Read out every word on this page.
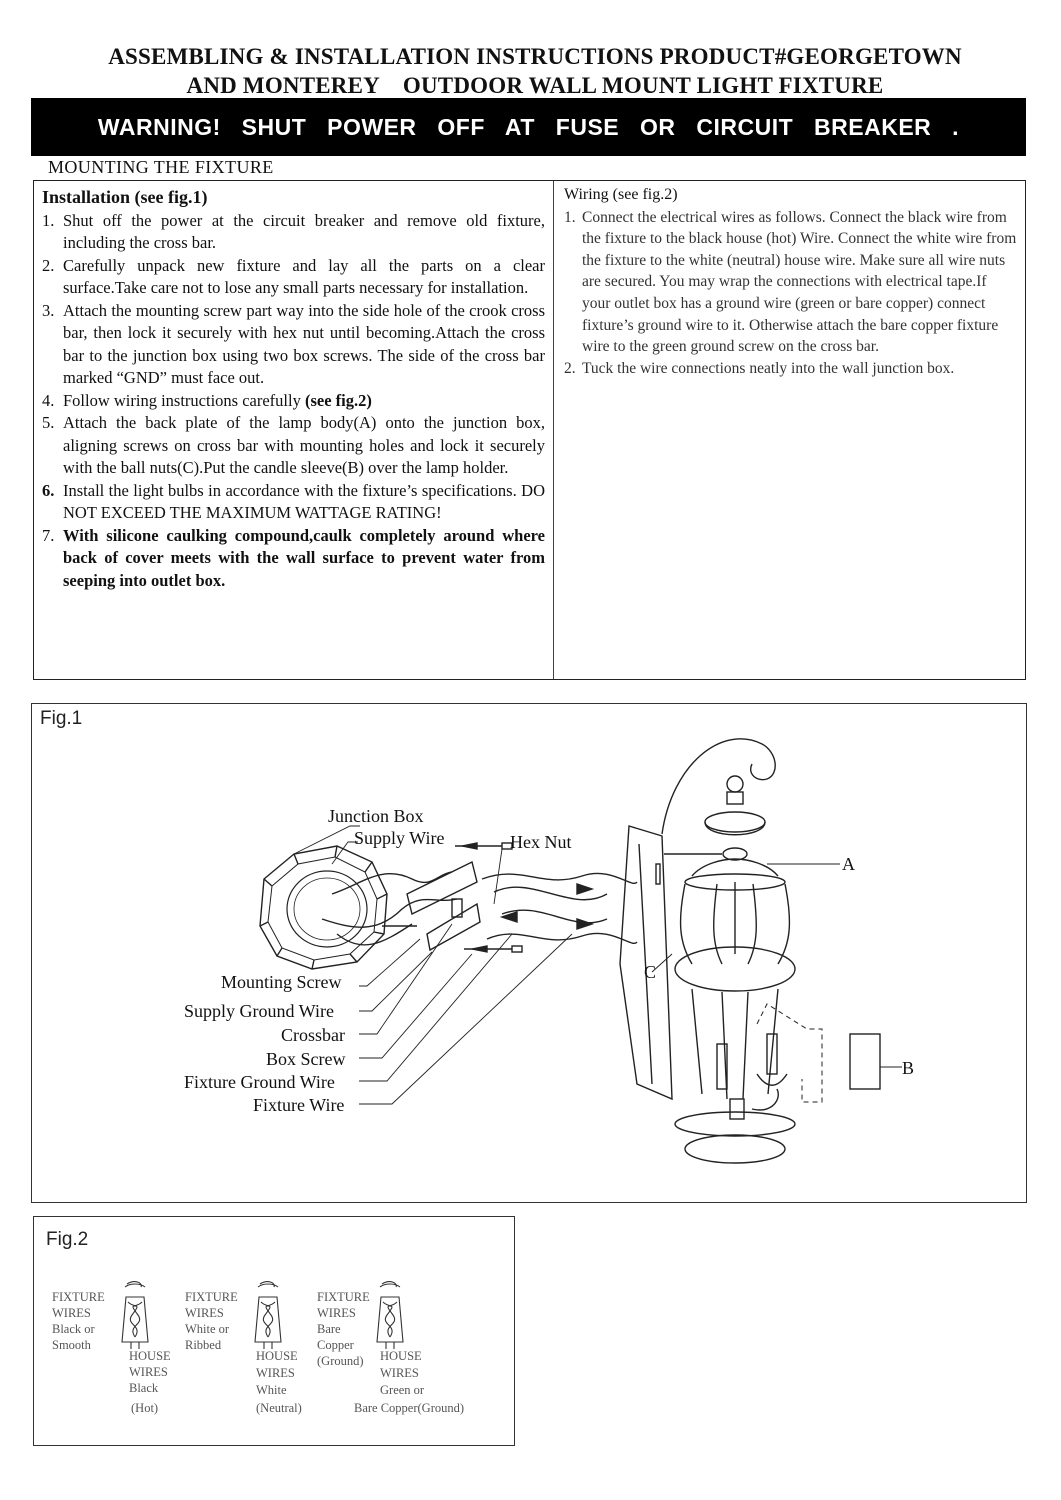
ASSEMBLING & INSTALLATION INSTRUCTIONS PRODUCT#GEORGETOWN
AND MONTEREY    OUTDOOR WALL MOUNT LIGHT FIXTURE
WARNING! SHUT POWER OFF AT FUSE OR CIRCUIT BREAKER .
MOUNTING THE FIXTURE
Installation (see fig.1)
1. Shut off the power at the circuit breaker and remove old fixture, including the cross bar.
2. Carefully unpack new fixture and lay all the parts on a clear surface.Take care not to lose any small parts necessary for installation.
3. Attach the mounting screw part way into the side hole of the crook cross bar, then lock it securely with hex nut until becoming.Attach the cross bar to the junction box using two box screws. The side of the cross bar marked “GND” must face out.
4. Follow wiring instructions carefully (see fig.2)
5. Attach the back plate of the lamp body(A) onto the junction box, aligning screws on cross bar with mounting holes and lock it securely with the ball nuts(C).Put the candle sleeve(B) over the lamp holder.
6. Install the light bulbs in accordance with the fixture’s specifications. DO NOT EXCEED THE MAXIMUM WATTAGE RATING!
7. With silicone caulking compound,caulk completely around where back of cover meets with the wall surface to prevent water from seeping into outlet box.
Wiring (see fig.2)
1. Connect the electrical wires as follows. Connect the black wire from the fixture to the black house (hot) Wire. Connect the white wire from the fixture to the white (neutral) house wire. Make sure all wire nuts are secured. You may wrap the connections with electrical tape.If your outlet box has a ground wire (green or bare copper) connect fixture’s ground wire to it. Otherwise attach the bare copper fixture wire to the green ground screw on the cross bar.
2. Tuck the wire connections neatly into the wall junction box.
Fig.1
Junction Box
Supply Wire	Hex Nut
A
B
C
Mounting Screw
Supply Ground Wire
Crossbar
Box Screw
Fixture Ground Wire
Fixture Wire
Fig.2
FIXTURE
WIRES
Black or
Smooth
HOUSE
WIRES
Black
(Hot)
FIXTURE
WIRES
White or
Ribbed
HOUSE
WIRES
White
(Neutral)
FIXTURE
WIRES
Bare
Copper
(Ground) HOUSE
WIRES
Green or
Bare Copper(Ground)
